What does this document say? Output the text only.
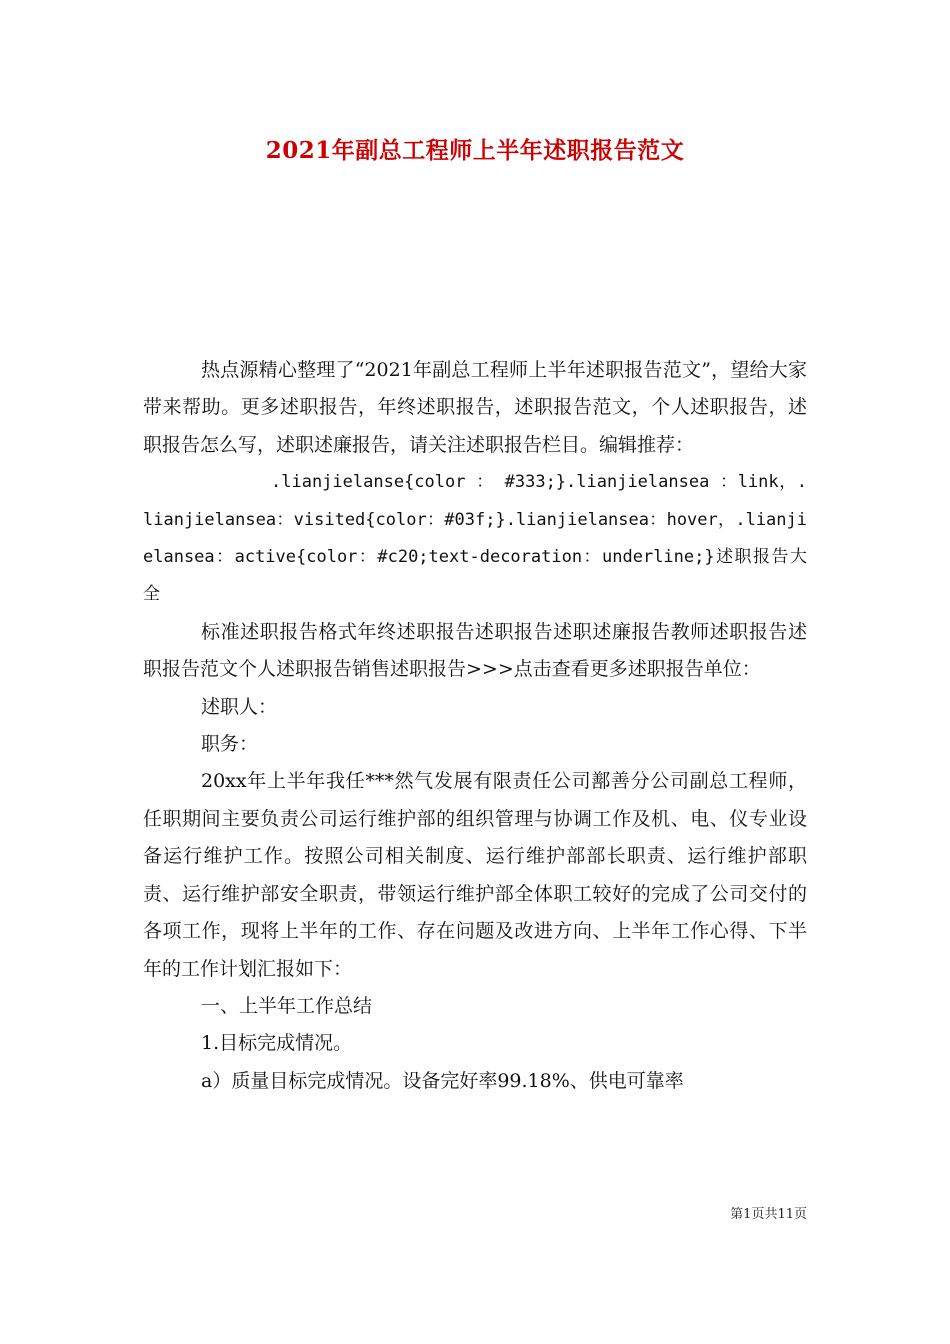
2021年副总工程师上半年述职报告范文

热点源精心整理了“2021年副总工程师上半年述职报告范文”，望给大家带来帮助。更多述职报告，年终述职报告，述职报告范文，个人述职报告，述职报告怎么写，述职述廉报告，请关注述职报告栏目。编辑推荐：

.lianjielanse{color ： #333;}.lianjielansea ：link，.lianjielansea：visited{color：#03f;}.lianjielansea：hover，.lianjielansea：active{color：#c20;text-decoration：underline;}述职报告大全

标准述职报告格式年终述职报告述职报告述职述廉报告教师述职报告述职报告范文个人述职报告销售述职报告>>>点击查看更多述职报告单位：

述职人：

职务：

20xx年上半年我任***然气发展有限责任公司鄯善分公司副总工程师，任职期间主要负责公司运行维护部的组织管理与协调工作及机、电、仪专业设备运行维护工作。按照公司相关制度、运行维护部部长职责、运行维护部职责、运行维护部安全职责，带领运行维护部全体职工较好的完成了公司交付的各项工作，现将上半年的工作、存在问题及改进方向、上半年工作心得、下半年的工作计划汇报如下：

一、上半年工作总结

1.目标完成情况。

a）质量目标完成情况。设备完好率99.18%、供电可靠率

第1页共11页
